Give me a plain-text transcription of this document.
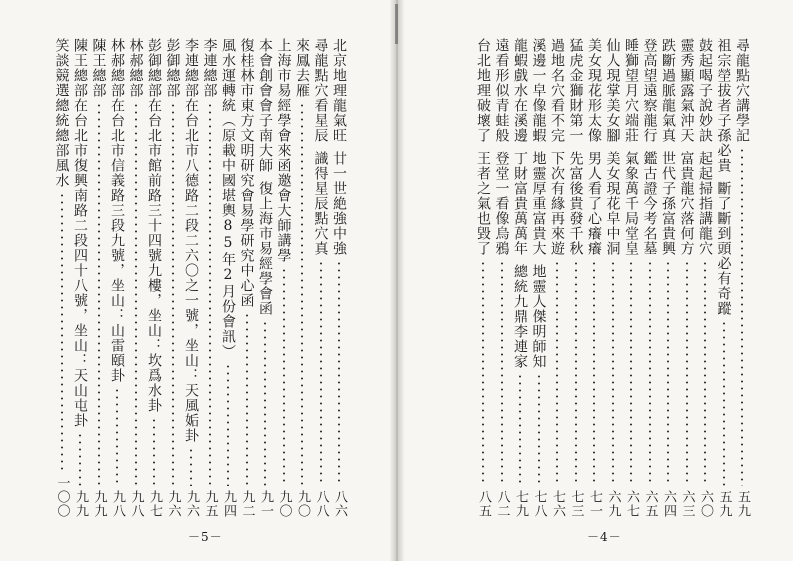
北京地理龍氣旺
廿一世絶強中強
八六
尋龍點穴看星辰
識得星辰點穴真
八八
來鳳去雁
九〇
上海市易經學會來函邀會大師講學
九〇
本會創會會子南大師
復上海市易經學會函
九一
復桂林市東方文明研究會易學研究中心函
九二
風水運轉統（原載中國堪輿85年2月份會訊）
九四
李連總部
九五
李連總部在台北市八德路二段二六〇之一號，坐山：天風姤卦
九六
彭御總部
九六
彭御總部在台北市館前路三十四號九樓，坐山：坎爲水卦
九七
林郝總部
九八
林郝總部在台北市信義路三段九號，坐山：山雷頤卦
九八
陳王總部
九九
陳王總部在台北市復興南路二段四十八號，坐山：天山屯卦
九九
笑談競選總統總部風水
一〇〇
－5－
尋龍點穴講學記
五九
祖宗塋拔者子孫必貴
斷了斷到頭必有奇蹤
五九
鼓起喝子說妙訣
起起掃指講龍穴
六〇
靈秀顯露氣沖天
富貴龍穴落何方
六三
跌斷過脈龍氣真
世代子孫富貴興
六四
登高望遠察龍行
鑑古證今考名墓
六五
睡獅望月穴端莊
氣象萬千局堂皇
六七
仙人現掌美女腳
美女現花皁中洞
六九
美女現花形太像
男人看了心癢癢
七一
猛虎金獅財第一
先富後貴發千秋
七三
過地名穴看不完
下次有緣再來遊
七六
溪邊一皁像龍蝦
地靈厚重富貴大
地靈人傑明師知
七八
龍蝦戲水在溪邊
丁財富貴萬萬年
總統九鼎李連家
七九
遠看形似青蛙般
登堂一看像烏鴉
八二
台北地理破壞了
王者之氣也毀了
八五
－4－
